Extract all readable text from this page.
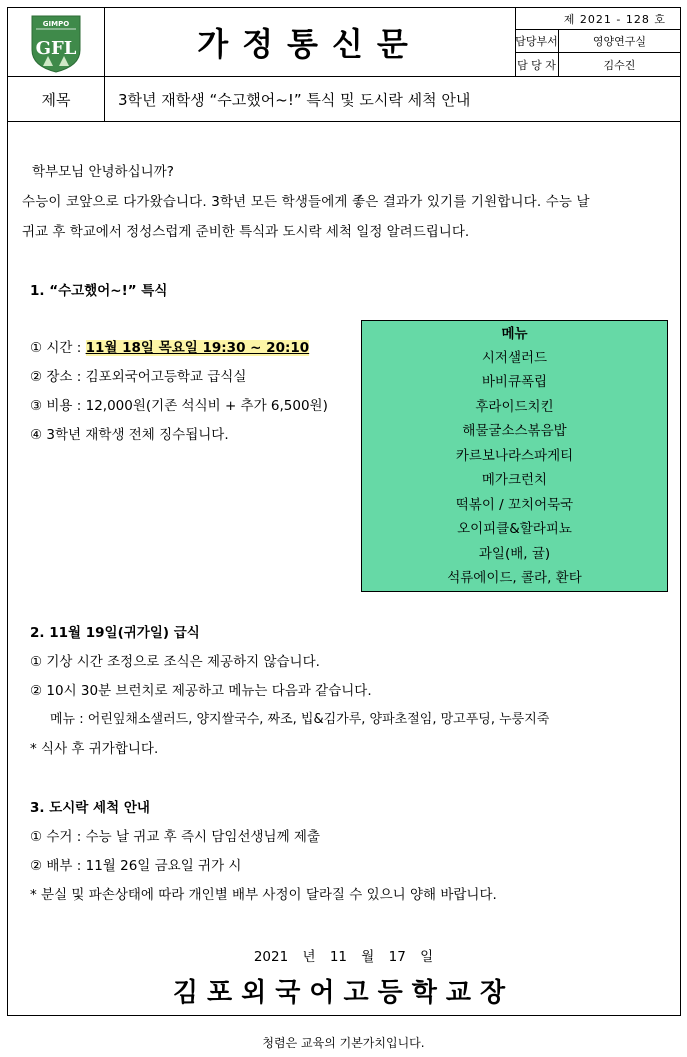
GIMPO
GFL	가정통신문
제 2021 - 128 호
담당부서	영양연구실
담 당 자	김수진
제목	3학년 재학생 “수고했어~!” 특식 및 도시락 세척 안내
학부모님 안녕하십니까?
수능이 코앞으로 다가왔습니다. 3학년 모든 학생들에게 좋은 결과가 있기를 기원합니다. 수능 날
귀교 후 학교에서 정성스럽게 준비한 특식과 도시락 세척 일정 알려드립니다.
1. “수고했어~!” 특식
① 시간 : 11월 18일 목요일 19:30 ~ 20:10
② 장소 : 김포외국어고등학교 급식실
③ 비용 : 12,000원(기존 석식비 + 추가 6,500원)
④ 3학년 재학생 전체 징수됩니다.
메뉴
시저샐러드
바비큐폭립
후라이드치킨
해물굴소스볶음밥
카르보나라스파게티
메가크런치
떡볶이 / 꼬치어묵국
오이피클&할라피뇨
과일(배, 귤)
석류에이드, 콜라, 환타
2. 11월 19일(귀가일) 급식
① 기상 시간 조정으로 조식은 제공하지 않습니다.
② 10시 30분 브런치로 제공하고 메뉴는 다음과 같습니다.
메뉴 : 어린잎채소샐러드, 양지쌀국수, 짜조, 빕&김가루, 양파초절임, 망고푸딩, 누룽지죽
* 식사 후 귀가합니다.
3. 도시락 세척 안내
① 수거 : 수능 날 귀교 후 즉시 담임선생님께 제출
② 배부 : 11월 26일 금요일 귀가 시
* 분실 및 파손상태에 따라 개인별 배부 사정이 달라질 수 있으니 양해 바랍니다.
2021 년 11 월 17 일
김포외국어고등학교장
청렴은 교육의 기본가치입니다.
